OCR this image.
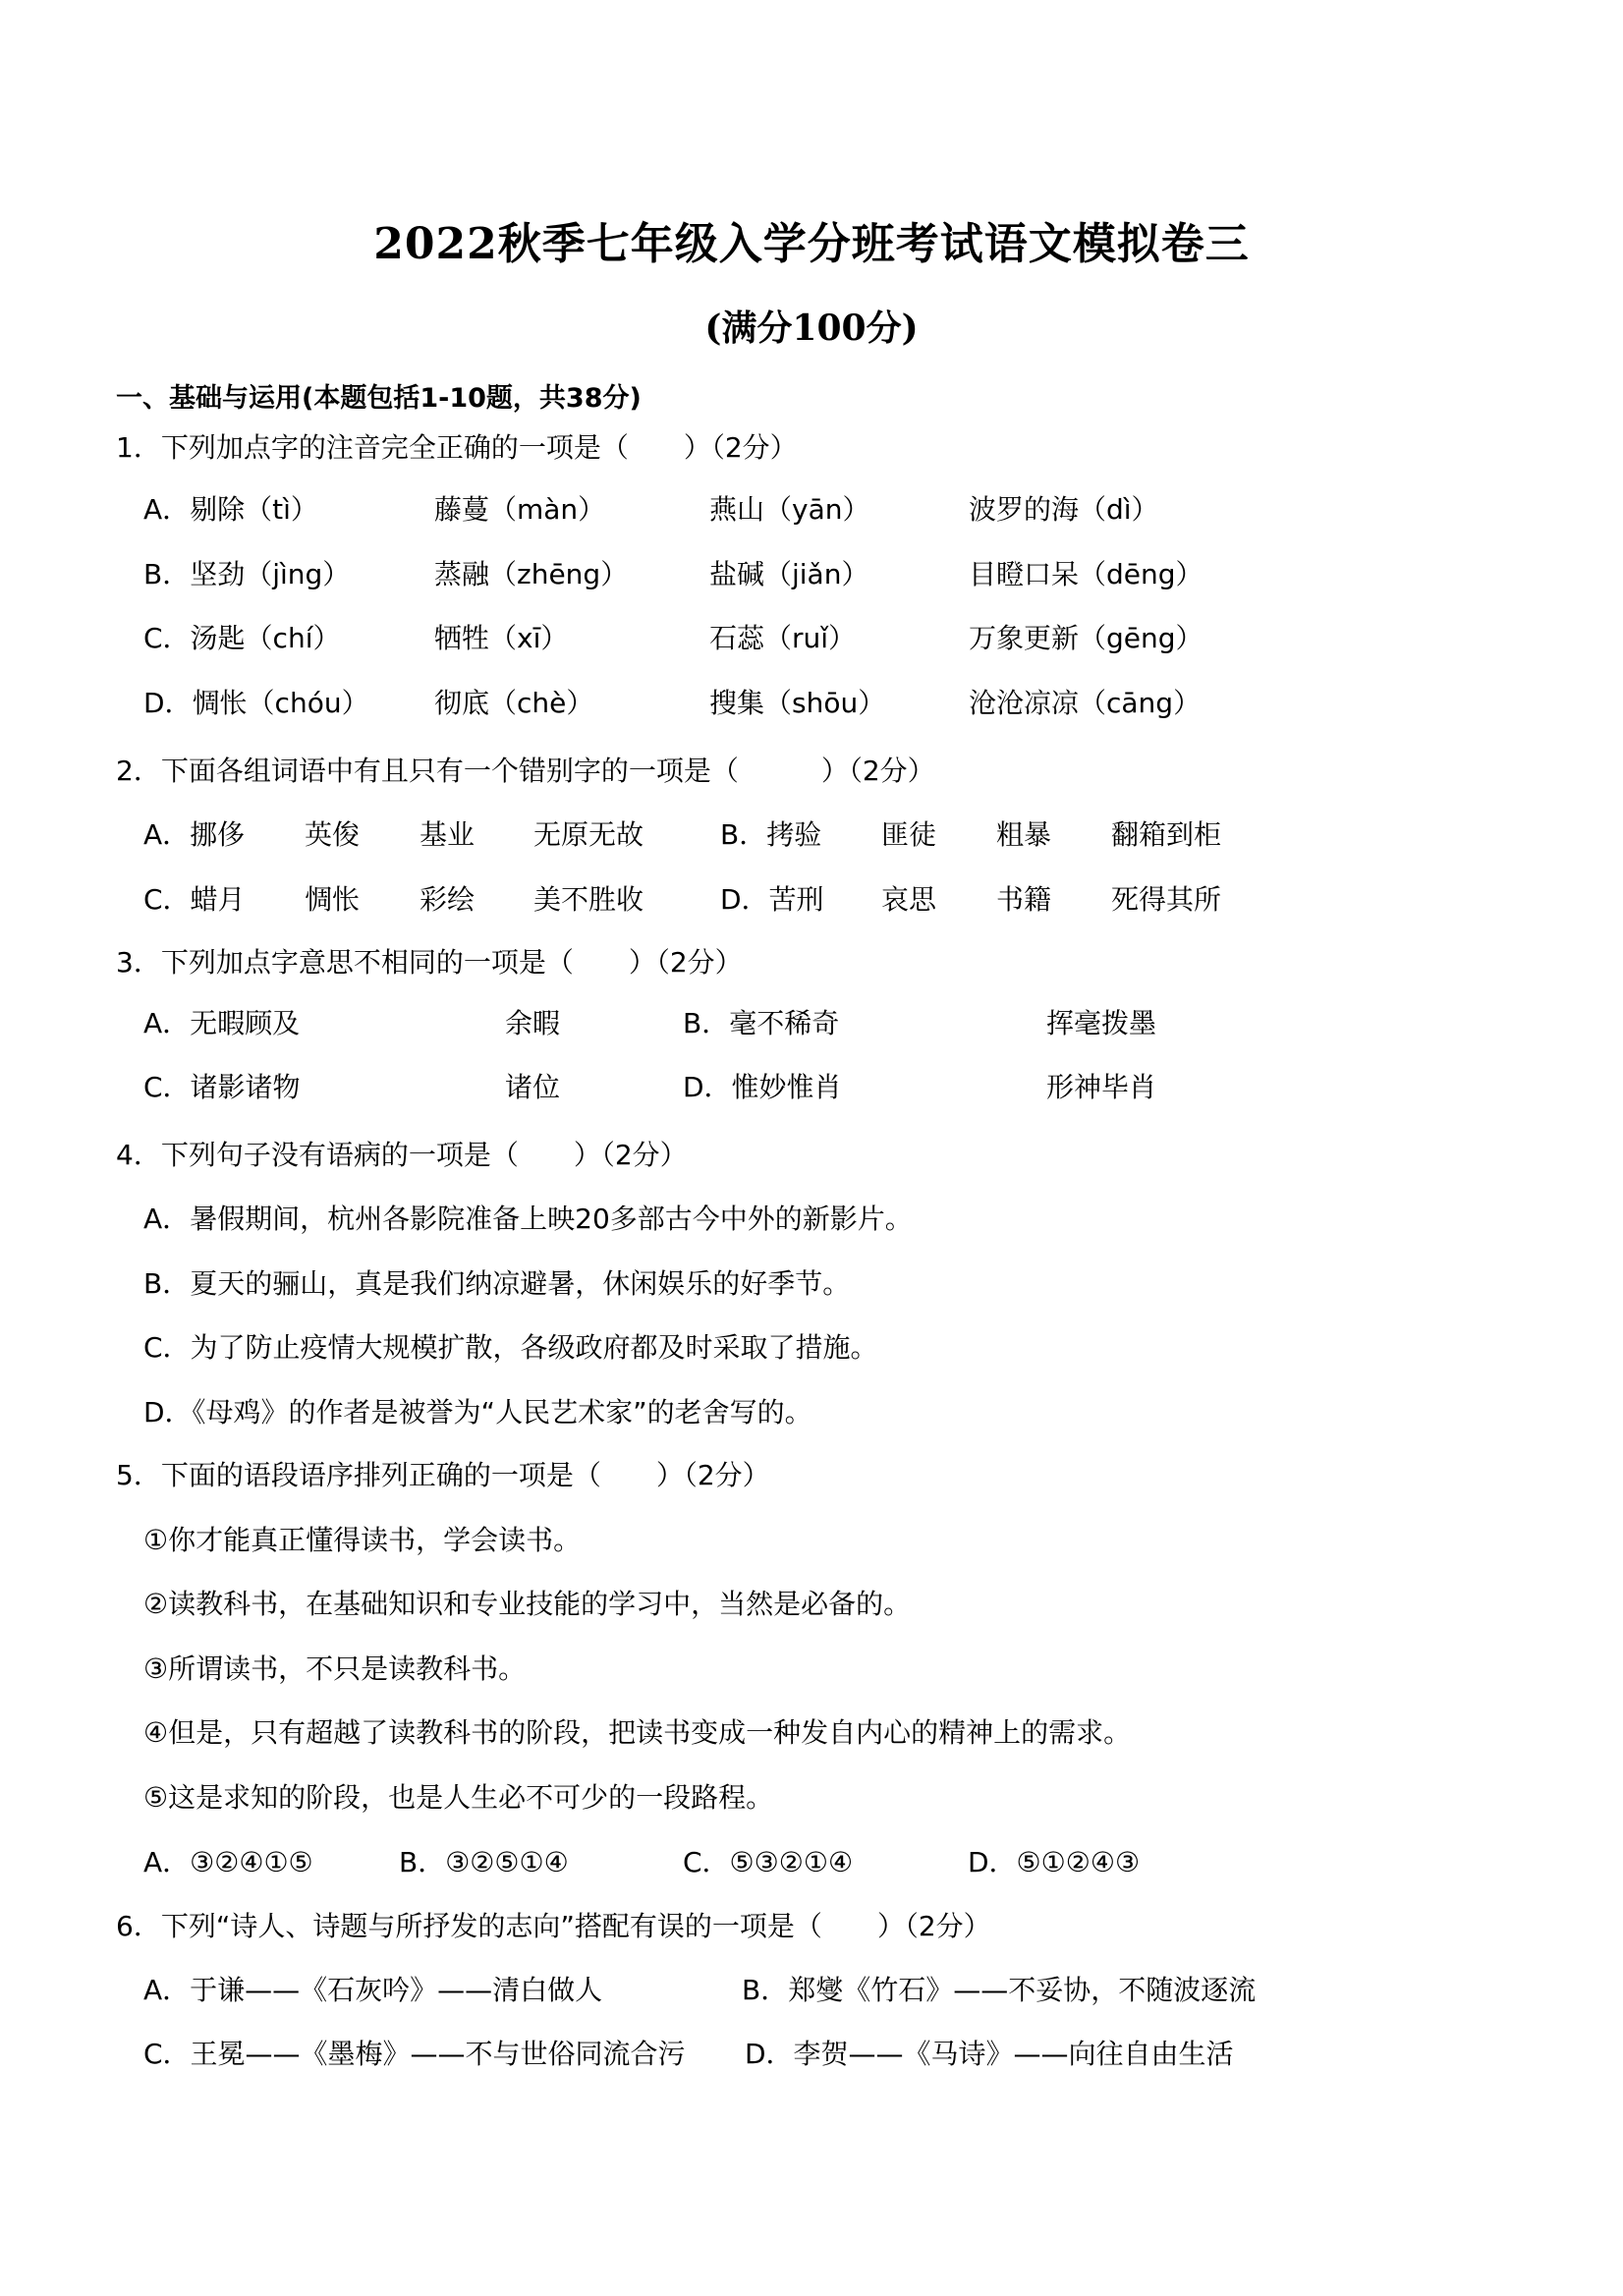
2022秋季七年级入学分班考试语文模拟卷三
(满分100分)
一、基础与运用(本题包括1-10题，共38分)
1．下列加点字的注音完全正确的一项是（　　）（2分）
A．剔除（tì）	藤蔓（màn）	燕山（yān）	波罗的海（dì）
B．坚劲（jìng）	蒸融（zhēng）	盐碱（jiǎn）	目瞪口呆（dēng）
C．汤匙（chí）	牺牲（xī）	石蕊（ruǐ）	万象更新（gēng）
D．惆怅（chóu） 彻底（chè）	搜集（shōu）	沧沧凉凉（cāng）
2．下面各组词语中有且只有一个错别字的一项是（　　　）（2分）
A．挪侈 英俊 基业 无原无故	B．拷验 匪徒 粗暴 翻箱到柜
C．蜡月 惆怅 彩绘 美不胜收	D．苦刑 哀思 书籍 死得其所
3．下列加点字意思不相同的一项是（　　）（2分）
A．无暇顾及	余暇	B．毫不稀奇	挥毫拨墨
C．诸影诸物	诸位	D．惟妙惟肖	形神毕肖
4．下列句子没有语病的一项是（　　）（2分）
A．暑假期间，杭州各影院准备上映20多部古今中外的新影片。
B．夏天的骊山，真是我们纳凉避暑，休闲娱乐的好季节。
C．为了防止疫情大规模扩散，各级政府都及时采取了措施。
D．《母鸡》的作者是被誉为“人民艺术家”的老舍写的。
5．下面的语段语序排列正确的一项是（　　）（2分）
①你才能真正懂得读书，学会读书。
②读教科书，在基础知识和专业技能的学习中，当然是必备的。
③所谓读书，不只是读教科书。
④但是，只有超越了读教科书的阶段，把读书变成一种发自内心的精神上的需求。
⑤这是求知的阶段，也是人生必不可少的一段路程。
A．③②④①⑤	B．③②⑤①④	C．⑤③②①④	D．⑤①②④③
6．下列“诗人、诗题与所抒发的志向”搭配有误的一项是（　　）（2分）
A．于谦——《石灰吟》——清白做人	B．郑燮《竹石》——不妥协，不随波逐流
C．王冕——《墨梅》——不与世俗同流合污 D．李贺——《马诗》——向往自由生活
